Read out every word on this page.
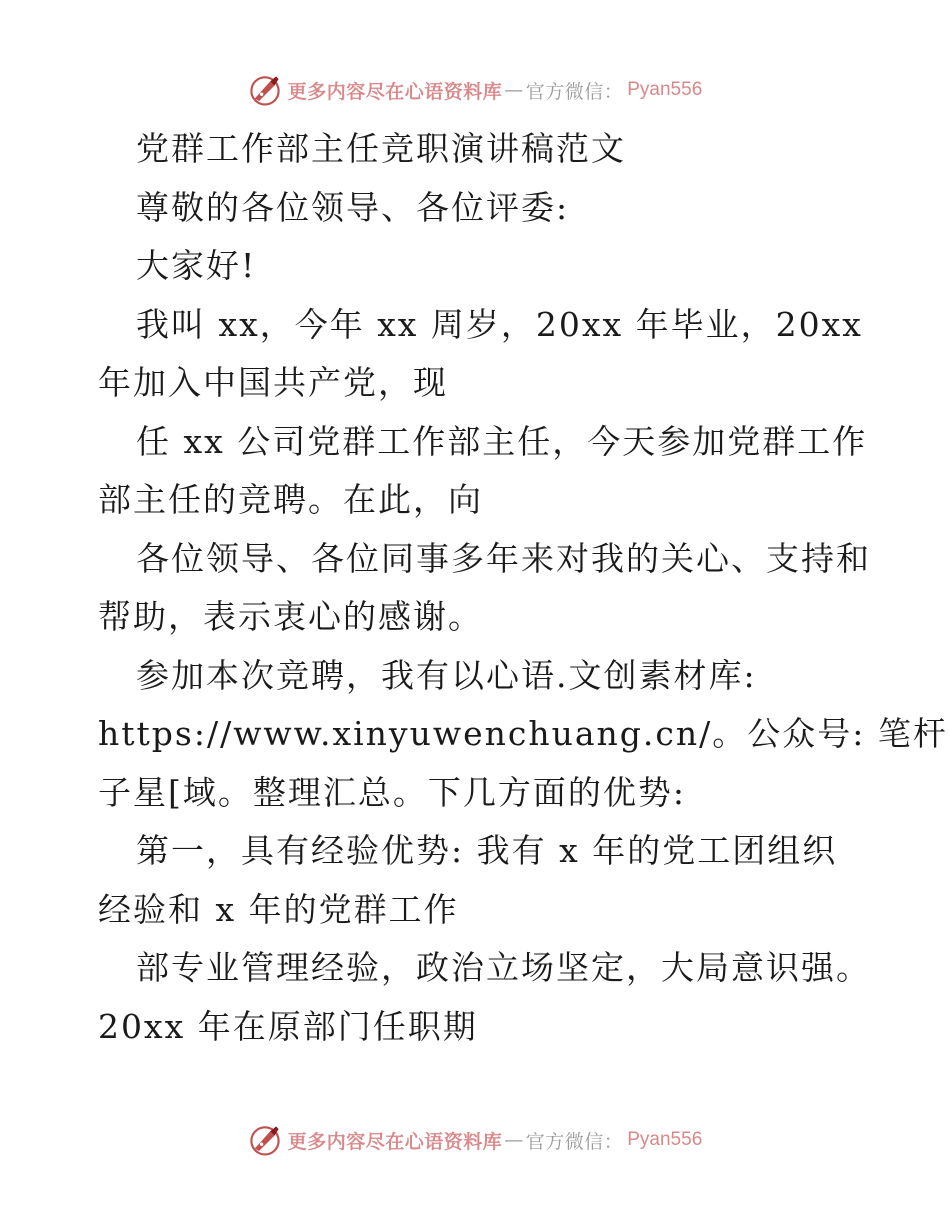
更多内容尽在心语资料库 — 官方微信： Pyan556

党群工作部主任竞职演讲稿范文

尊敬的各位领导、各位评委:

大家好!

我叫 xx，今年 xx 周岁，20xx 年毕业，20xx

年加入中国共产党，现

任 xx 公司党群工作部主任，今天参加党群工作

部主任的竞聘。在此，向

各位领导、各位同事多年来对我的关心、支持和

帮助，表示衷心的感谢。

参加本次竞聘，我有以心语.文创素材库:

https://www.xinyuwenchuang.cn/。公众号: 笔杆

子星[域。整理汇总。下几方面的优势:

第一，具有经验优势: 我有 x 年的党工团组织

经验和 x 年的党群工作

部专业管理经验，政治立场坚定，大局意识强。

20xx 年在原部门任职期

更多内容尽在心语资料库 — 官方微信： Pyan556
